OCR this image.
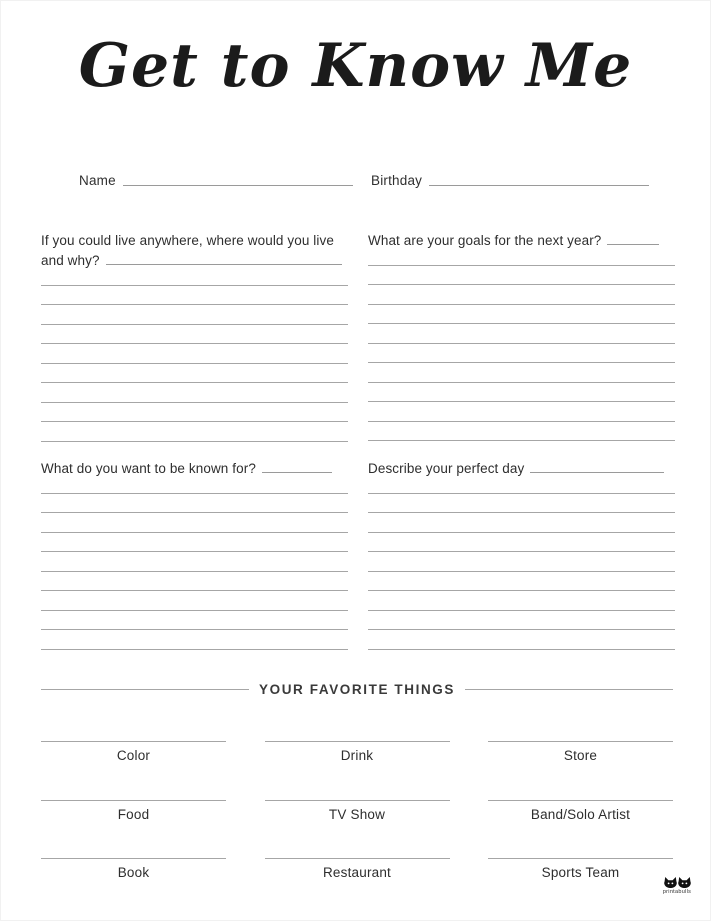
Get to Know Me
Name	Birthday
If you could live anywhere, where would you live and why?
What are your goals for the next year?
What do you want to be known for?	Describe your perfect day
YOUR FAVORITE THINGS
Color	Drink	Store
Food	TV Show	Band/Solo Artist
Book	Restaurant	Sports Team
printabulls
